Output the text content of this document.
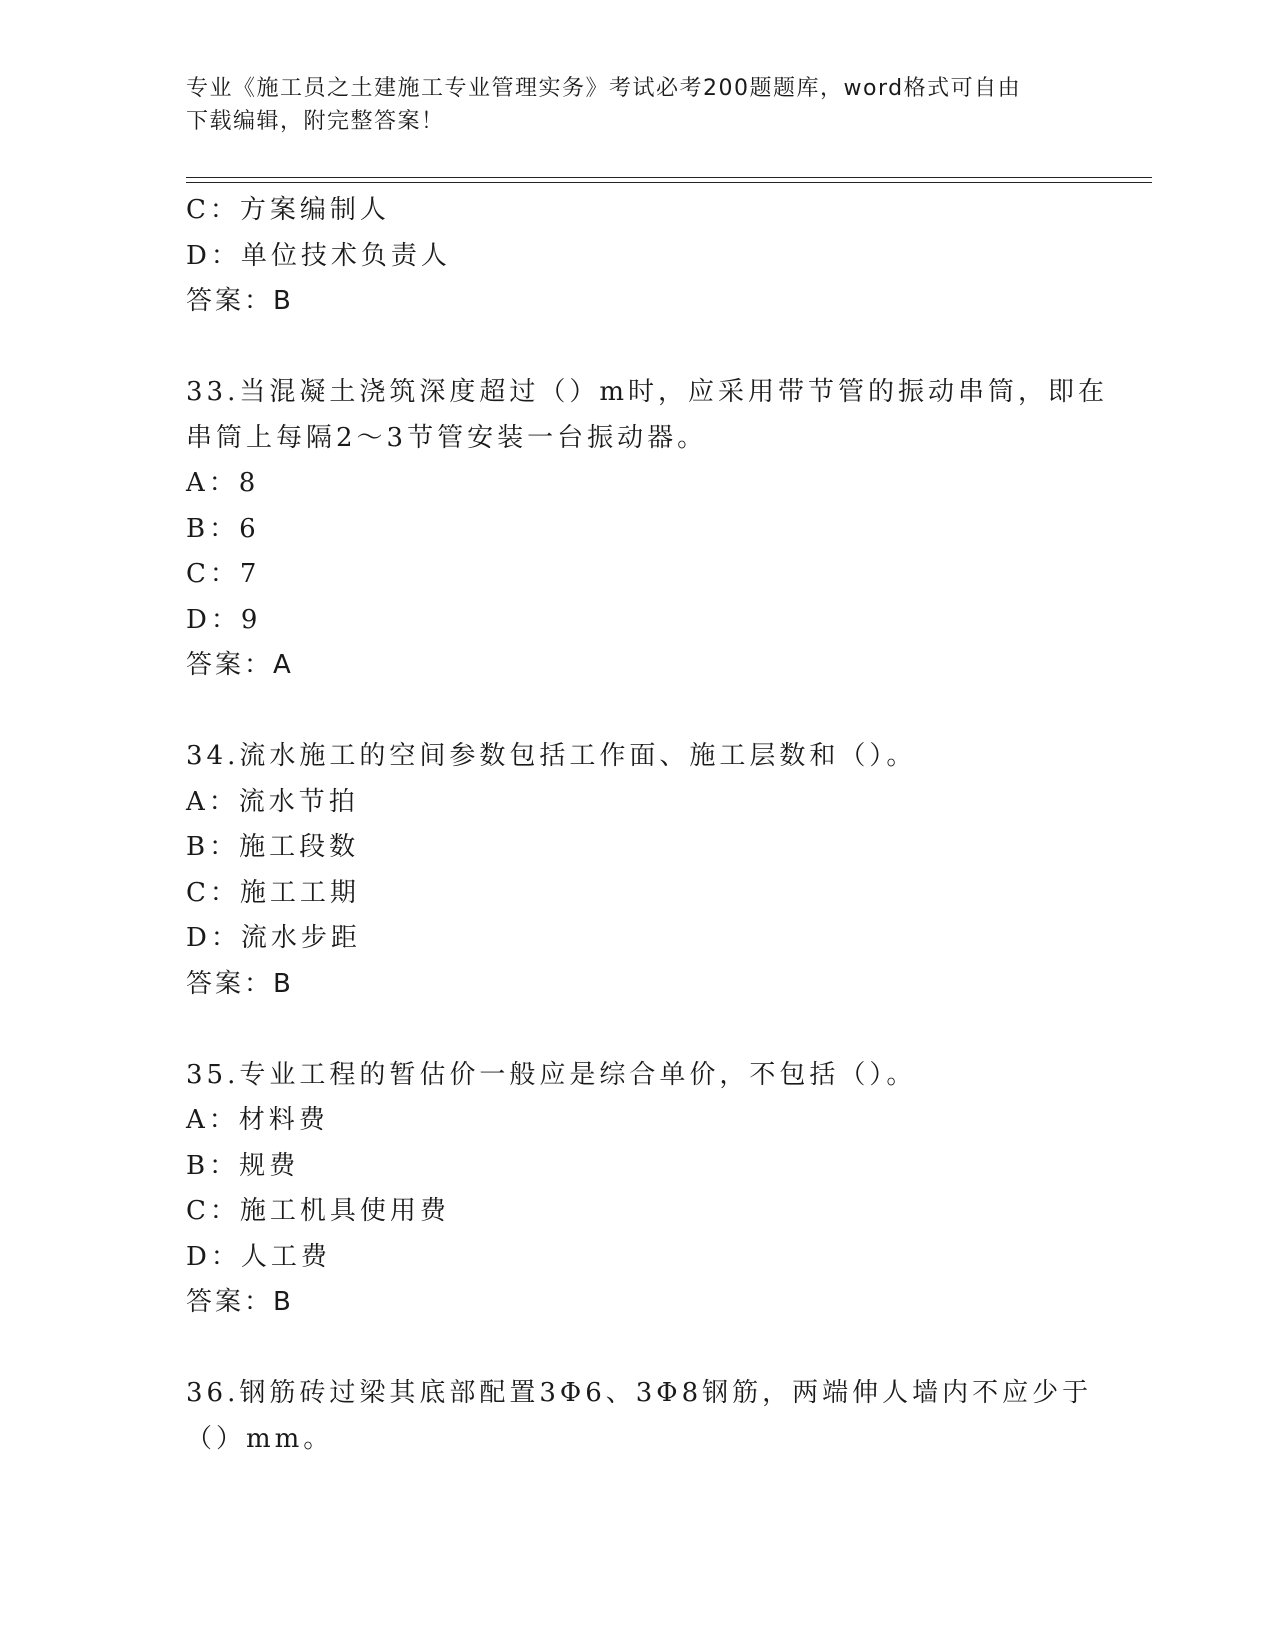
专业《施工员之土建施工专业管理实务》考试必考200题题库，word格式可自由
下载编辑，附完整答案！
C：方案编制人
D：单位技术负责人
答案：B
33.当混凝土浇筑深度超过（）m时，应采用带节管的振动串筒，即在
串筒上每隔2～3节管安装一台振动器。
A：8
B：6
C：7
D：9
答案：A
34.流水施工的空间参数包括工作面、施工层数和（）。
A：流水节拍
B：施工段数
C：施工工期
D：流水步距
答案：B
35.专业工程的暂估价一般应是综合单价，不包括（）。
A：材料费
B：规费
C：施工机具使用费
D：人工费
答案：B
36.钢筋砖过梁其底部配置3Φ6、3Φ8钢筋，两端伸人墙内不应少于
（）mm。
